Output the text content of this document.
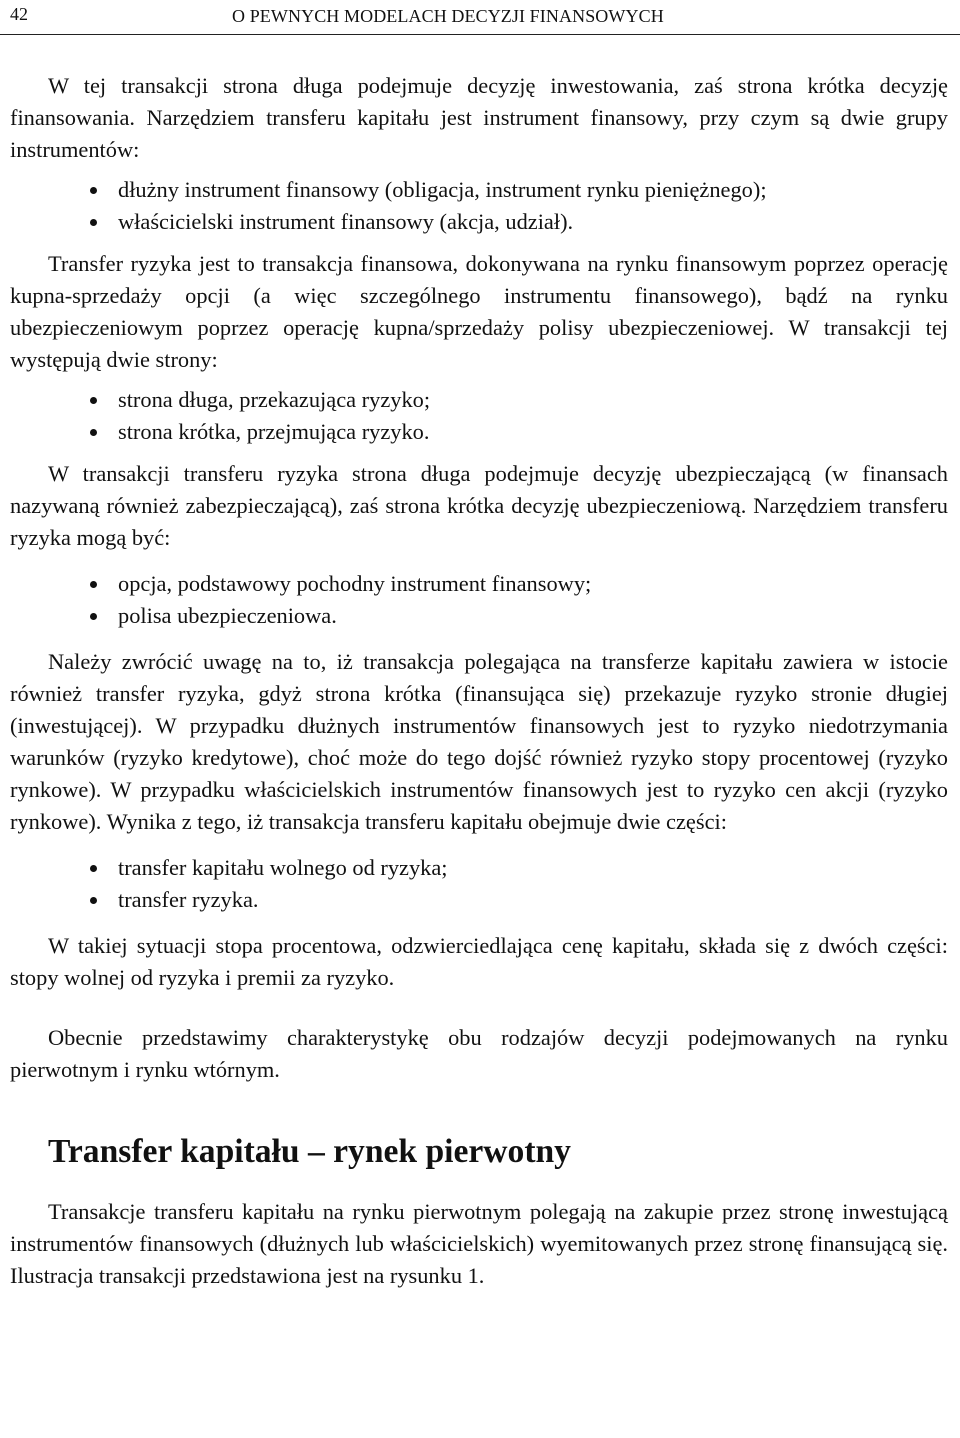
42	O PEWNYCH MODELACH DECYZJI FINANSOWYCH

W tej transakcji strona długa podejmuje decyzję inwestowania, zaś strona krótka decyzję finansowania. Narzędziem transferu kapitału jest instrument finansowy, przy czym są dwie grupy instrumentów:

dłużny instrument finansowy (obligacja, instrument rynku pieniężnego);
właścicielski instrument finansowy (akcja, udział).

Transfer ryzyka jest to transakcja finansowa, dokonywana na rynku finansowym poprzez operację kupna-sprzedaży opcji (a więc szczególnego instrumentu finansowego), bądź na rynku ubezpieczeniowym poprzez operację kupna/​sprzedaży polisy ubezpieczeniowej. W transakcji tej występują dwie strony:

strona długa, przekazująca ryzyko;
strona krótka, przejmująca ryzyko.

W transakcji transferu ryzyka strona długa podejmuje decyzję ubezpieczającą (w finansach nazywaną również zabezpieczającą), zaś strona krótka decyzję ubezpieczeniową. Narzędziem transferu ryzyka mogą być:

opcja, podstawowy pochodny instrument finansowy;
polisa ubezpieczeniowa.

Należy zwrócić uwagę na to, iż transakcja polegająca na transferze kapitału zawiera w istocie również transfer ryzyka, gdyż strona krótka (finansująca się) przekazuje ryzyko stronie długiej (inwestującej). W przypadku dłużnych instrumentów finansowych jest to ryzyko niedotrzymania warunków (ryzyko kredytowe), choć może do tego dojść również ryzyko stopy procentowej (ryzyko rynkowe). W przypadku właścicielskich instrumentów finansowych jest to ryzyko cen akcji (ryzyko rynkowe). Wynika z tego, iż transakcja transferu kapitału obejmuje dwie części:

transfer kapitału wolnego od ryzyka;
transfer ryzyka.

W takiej sytuacji stopa procentowa, odzwierciedlająca cenę kapitału, składa się z dwóch części: stopy wolnej od ryzyka i premii za ryzyko.

Obecnie przedstawimy charakterystykę obu rodzajów decyzji podejmowanych na rynku pierwotnym i rynku wtórnym.

Transfer kapitału – rynek pierwotny

Transakcje transferu kapitału na rynku pierwotnym polegają na zakupie przez stronę inwestującą instrumentów finansowych (dłużnych lub właścicielskich) wyemitowanych przez stronę finansującą się. Ilustracja transakcji przedstawiona jest na rysunku 1.
